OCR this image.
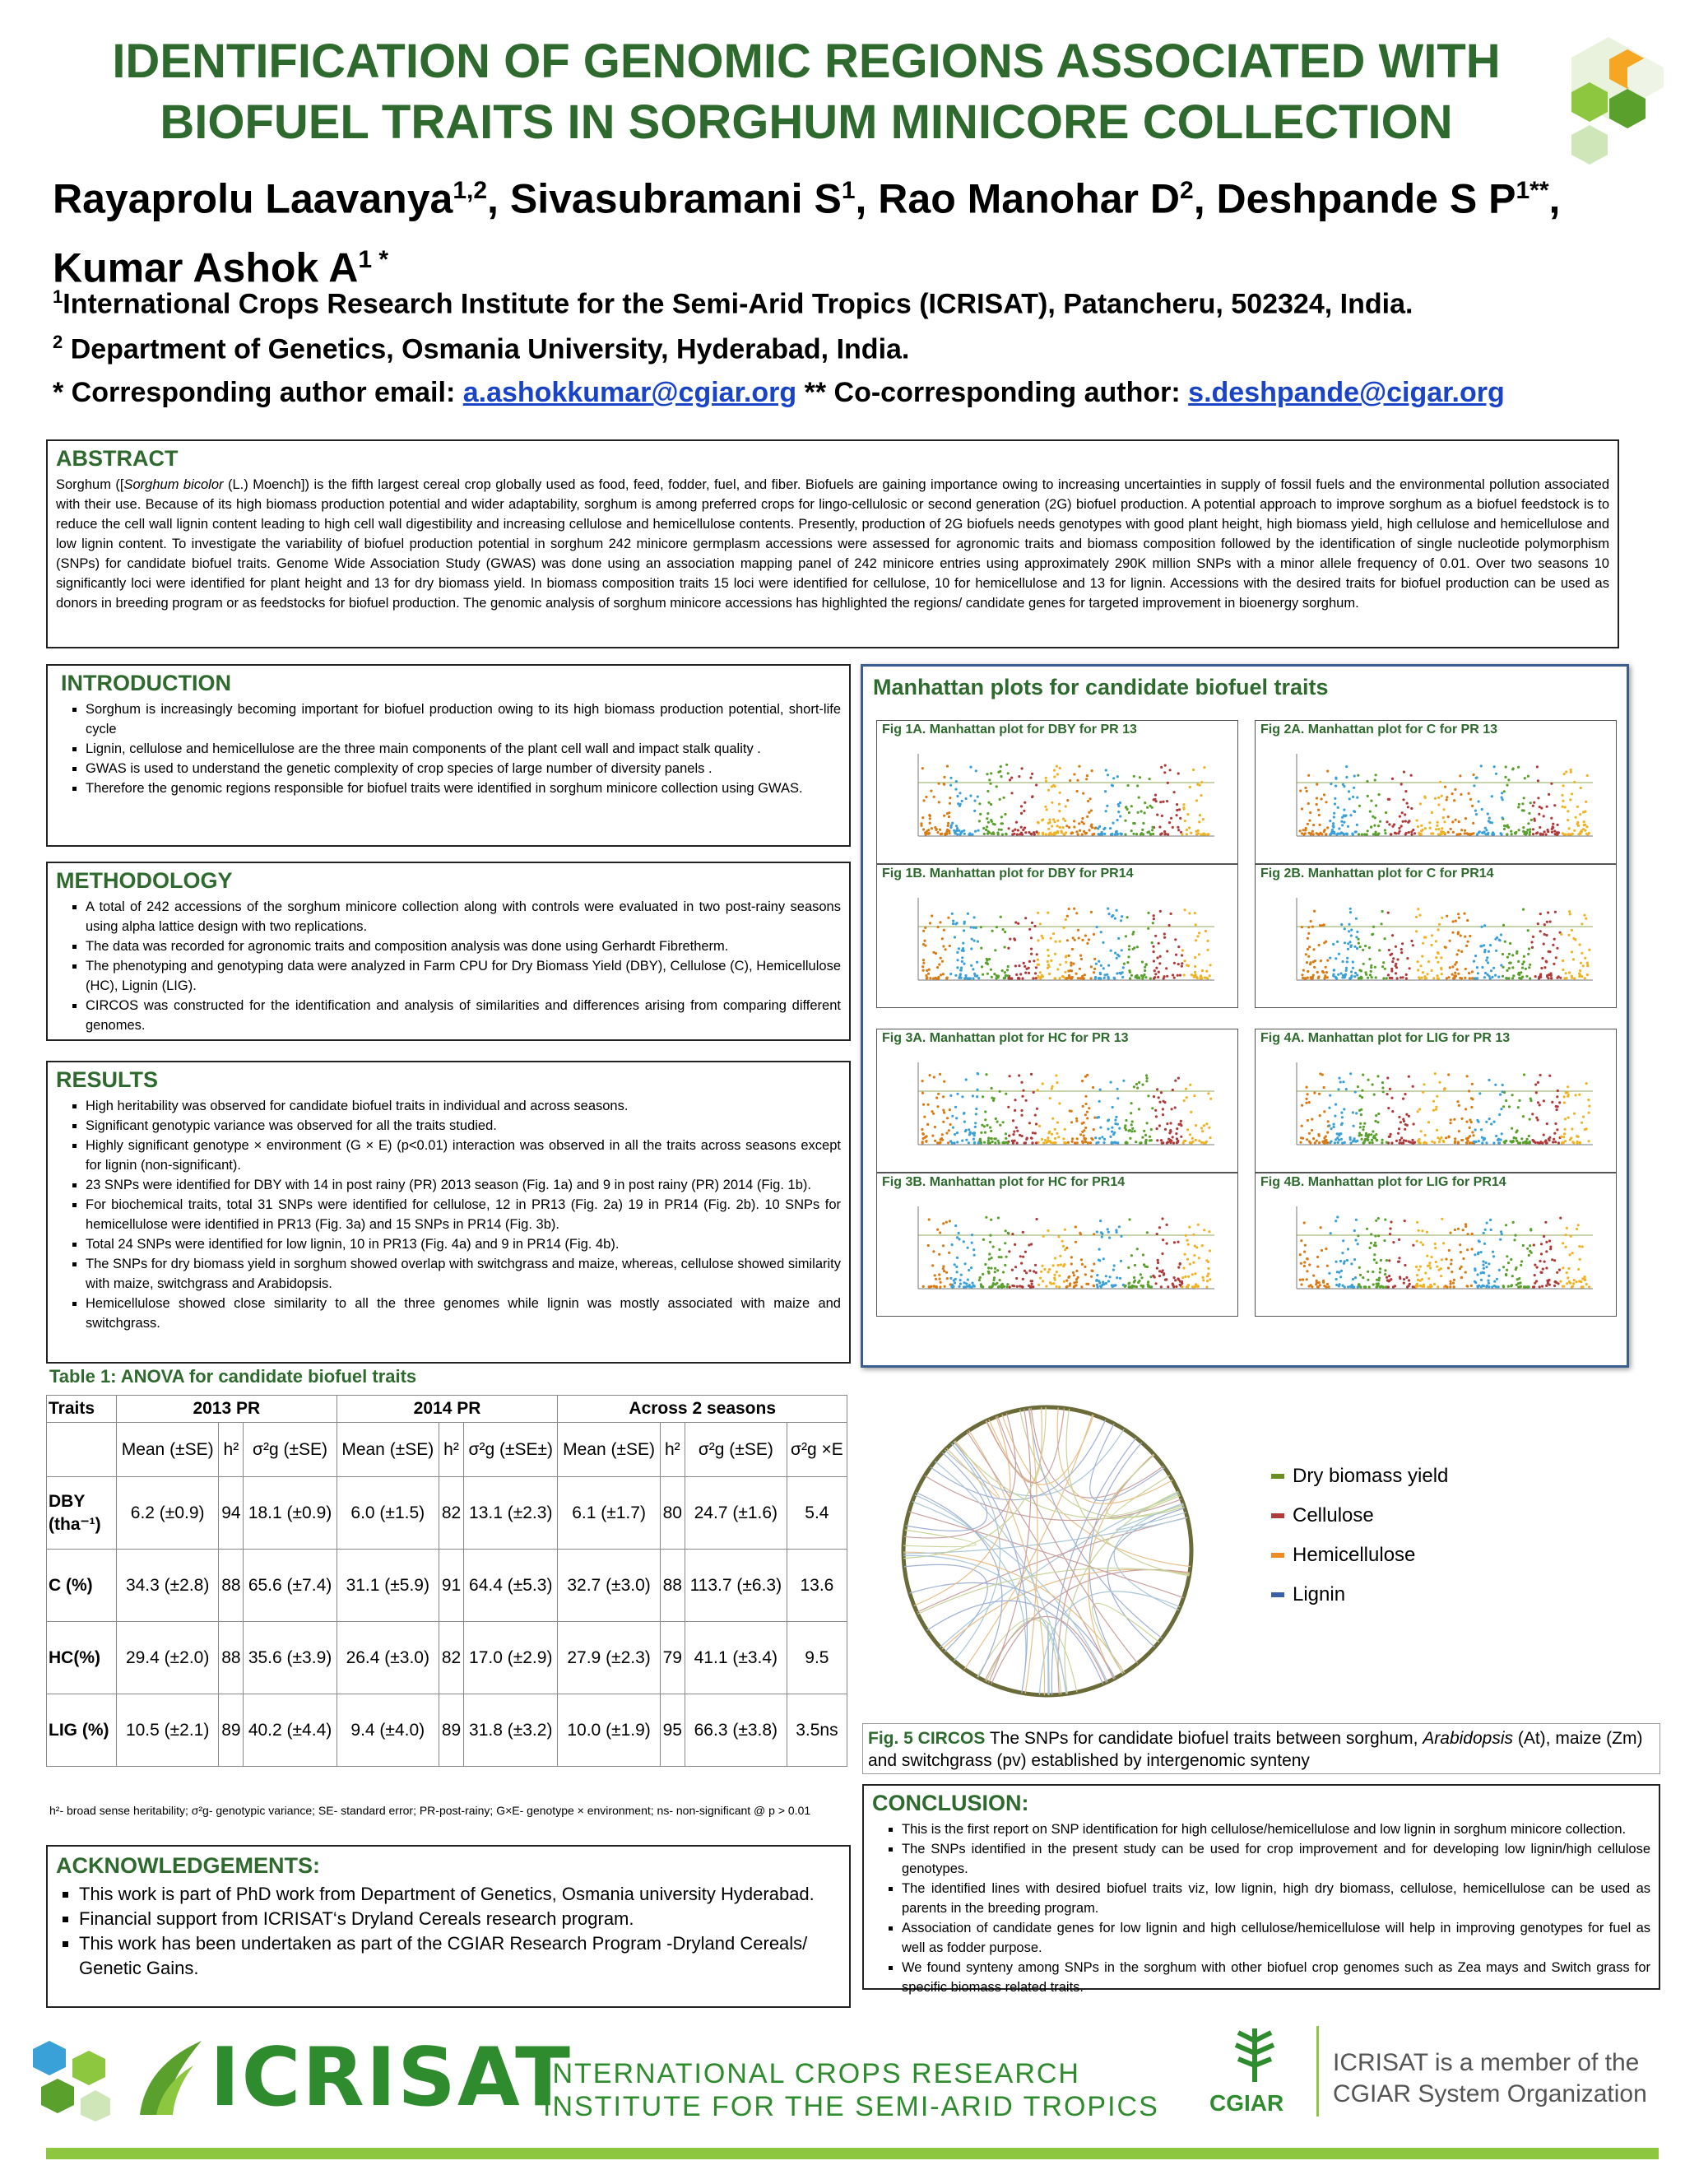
IDENTIFICATION OF GENOMIC REGIONS ASSOCIATED WITH
BIOFUEL TRAITS IN SORGHUM MINICORE COLLECTION
Rayaprolu Laavanya$^{1,2}$, Sivasubramani $S^1$, Rao Manohar $D^2$, Deshpande S $P^{1**}$, Kumar Ashok $A^{1 *}$
$^1$International Crops Research Institute for the Semi-Arid Tropics (ICRISAT), Patancheru, 502324, India.
$^2$ Department of Genetics, Osmania University, Hyderabad, India.
* Corresponding author email: a.ashokkumar@cgiar.org ** Co-corresponding author: s.deshpande@cigar.org
ABSTRACT
Sorghum ([Sorghum bicolor (L.) Moench]) is the fifth largest cereal crop globally used as food, feed, fodder, fuel, and fiber. Biofuels are gaining importance owing to increasing uncertainties in supply of fossil fuels and the environmental pollution associated with their use. Because of its high biomass production potential and wider adaptability, sorghum is among preferred crops for lingo-cellulosic or second generation (2G) biofuel production. A potential approach to improve sorghum as a biofuel feedstock is to reduce the cell wall lignin content leading to high cell wall digestibility and increasing cellulose and hemicellulose contents. Presently, production of 2G biofuels needs genotypes with good plant height, high biomass yield, high cellulose and hemicellulose and low lignin content. To investigate the variability of biofuel production potential in sorghum 242 minicore germplasm accessions were assessed for agronomic traits and biomass composition followed by the identification of single nucleotide polymorphism (SNPs) for candidate biofuel traits. Genome Wide Association Study (GWAS) was done using an association mapping panel of 242 minicore entries using approximately 290K million SNPs with a minor allele frequency of 0.01. Over two seasons 10 significantly loci were identified for plant height and 13 for dry biomass yield. In biomass composition traits 15 loci were identified for cellulose, 10 for hemicellulose and 13 for lignin. Accessions with the desired traits for biofuel production can be used as donors in breeding program or as feedstocks for biofuel production. The genomic analysis of sorghum minicore accessions has highlighted the regions/ candidate genes for targeted improvement in bioenergy sorghum.
INTRODUCTION
▪ Sorghum is increasingly becoming important for biofuel production owing to its high biomass production potential, short-life cycle
▪ Lignin, cellulose and hemicellulose are the three main components of the plant cell wall and impact stalk quality .
▪ GWAS is used to understand the genetic complexity of crop species of large number of diversity panels .
▪ Therefore the genomic regions responsible for biofuel traits were identified in sorghum minicore collection using GWAS.
METHODOLOGY
▪ A total of 242 accessions of the sorghum minicore collection along with controls were evaluated in two post-rainy seasons using alpha lattice design with two replications.
▪ The data was recorded for agronomic traits and composition analysis was done using Gerhardt Fibretherm.
▪ The phenotyping and genotyping data were analyzed in Farm CPU for Dry Biomass Yield (DBY), Cellulose (C), Hemicellulose (HC), Lignin (LIG).
▪ CIRCOS was constructed for the identification and analysis of similarities and differences arising from comparing different genomes.
RESULTS
▪ High heritability was observed for candidate biofuel traits in individual and across seasons.
▪ Significant genotypic variance was observed for all the traits studied.
▪ Highly significant genotype × environment (G × E) (p<0.01) interaction was observed in all the traits across seasons except for lignin (non-significant).
▪ 23 SNPs were identified for DBY with 14 in post rainy (PR) 2013 season (Fig. 1a) and 9 in post rainy (PR) 2014 (Fig. 1b).
▪ For biochemical traits, total 31 SNPs were identified for cellulose, 12 in PR13 (Fig. 2a) 19 in PR14 (Fig. 2b). 10 SNPs for hemicellulose were identified in PR13 (Fig. 3a) and 15 SNPs in PR14 (Fig. 3b).
▪ Total 24 SNPs were identified for low lignin, 10 in PR13 (Fig. 4a) and 9 in PR14 (Fig. 4b).
▪ The SNPs for dry biomass yield in sorghum showed overlap with switchgrass and maize, whereas, cellulose showed similarity with maize, switchgrass and Arabidopsis.
▪ Hemicellulose showed close similarity to all the three genomes while lignin was mostly associated with maize and switchgrass.
Manhattan plots for candidate biofuel traits
Fig 1A. Manhattan plot for DBY for PR 13	Fig 2A. Manhattan plot for C for PR 13
Fig 1B. Manhattan plot for DBY for PR14	Fig 2B. Manhattan plot for C for PR14
Fig 3A. Manhattan plot for HC for PR 13	Fig 4A. Manhattan plot for LIG for PR 13
Fig 3B. Manhattan plot for HC for PR14	Fig 4B. Manhattan plot for LIG for PR14
Table 1: ANOVA for candidate biofuel traits
Traits	2013 PR			2014 PR			Across 2 seasons			
	Mean (±SE)	h²	σ²g (±SE)	Mean (±SE)	h²	σ²g (±SE±)	Mean (±SE)	h²	σ²g (±SE)	σ²g ×E
DBY (tha⁻¹)	6.2 (±0.9)	94	18.1 (±0.9)	6.0 (±1.5)	82	13.1 (±2.3)	6.1 (±1.7)	80	24.7 (±1.6)	5.4
C (%)	34.3 (±2.8)	88	65.6 (±7.4)	31.1 (±5.9)	91	64.4 (±5.3)	32.7 (±3.0)	88	113.7 (±6.3)	13.6
HC(%)	29.4 (±2.0)	88	35.6 (±3.9)	26.4 (±3.0)	82	17.0 (±2.9)	27.9 (±2.3)	79	41.1 (±3.4)	9.5
LIG (%)	10.5 (±2.1)	89	40.2 (±4.4)	9.4 (±4.0)	89	31.8 (±3.2)	10.0 (±1.9)	95	66.3 (±3.8)	3.5ns
h²- broad sense heritability; σ²g- genotypic variance; SE- standard error; PR-post-rainy; G×E- genotype × environment; ns- non-significant @ p > 0.01
ACKNOWLEDGEMENTS:
▪ This work is part of PhD work from Department of Genetics, Osmania university Hyderabad.
▪ Financial support from ICRISAT‘s Dryland Cereals research program.
▪ This work has been undertaken as part of the CGIAR Research Program -Dryland Cereals/ Genetic Gains.
Dry biomass yield
Cellulose
Hemicellulose
Lignin
Fig. 5 CIRCOS The SNPs for candidate biofuel traits between sorghum, Arabidopsis (At), maize (Zm) and switchgrass (pv) established by intergenomic synteny
CONCLUSION:
▪ This is the first report on SNP identification for high cellulose/hemicellulose and low lignin in sorghum minicore collection.
▪ The SNPs identified in the present study can be used for crop improvement and for developing low lignin/high cellulose genotypes.
▪ The identified lines with desired biofuel traits viz, low lignin, high dry biomass, cellulose, hemicellulose can be used as parents in the breeding program.
▪ Association of candidate genes for low lignin and high cellulose/hemicellulose will help in improving genotypes for fuel as well as fodder purpose.
▪ We found synteny among SNPs in the sorghum with other biofuel crop genomes such as Zea mays and Switch grass for specific biomass related traits.
ICRISAT
INTERNATIONAL CROPS RESEARCH
INSTITUTE FOR THE SEMI-ARID TROPICS CGIAR
ICRISAT is a member of the
CGIAR System Organization
